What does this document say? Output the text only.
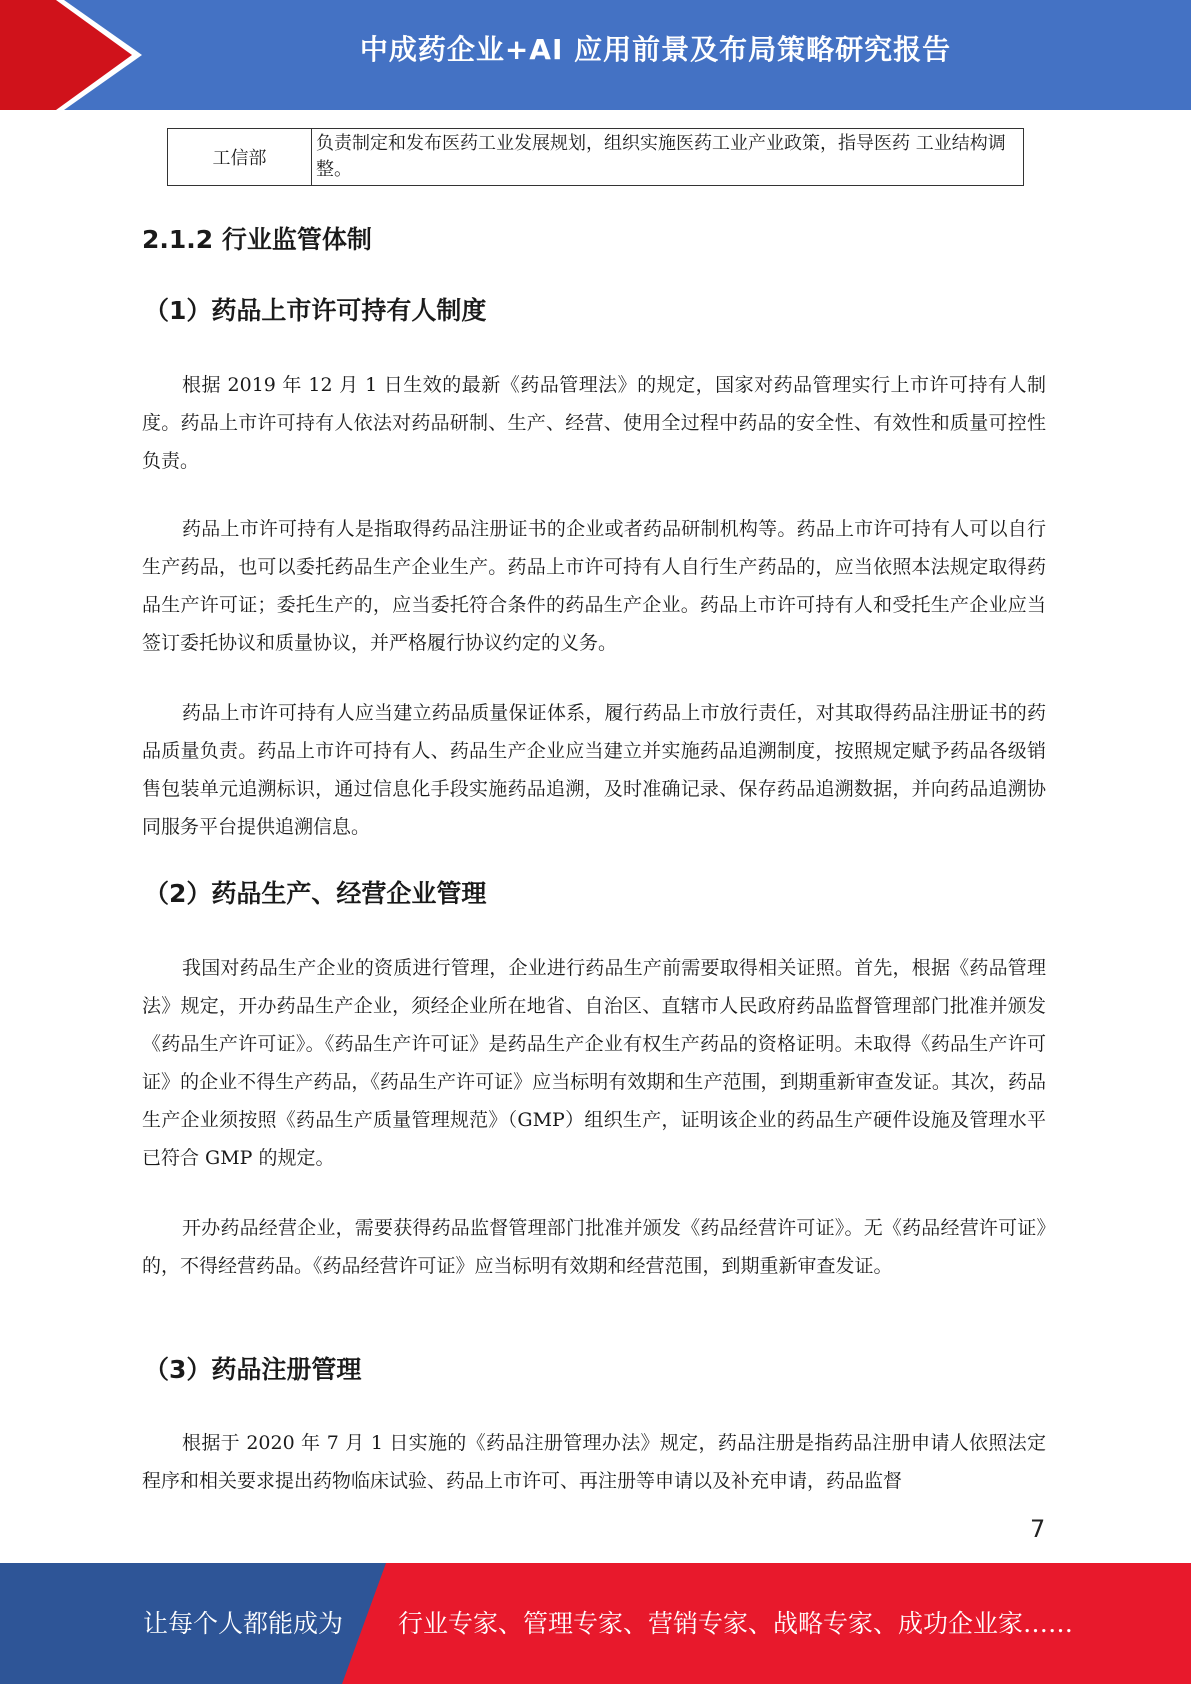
中成药企业+AI 应用前景及布局策略研究报告
工信部
负责制定和发布医药工业发展规划，组织实施医药工业产业政策，指导医药 工业结构调整。
2.1.2 行业监管体制
（1）药品上市许可持有人制度

根据 2019 年 12 月 1 日生效的最新《药品管理法》的规定，国家对药品管理实行上市许可持有人制度。药品上市许可持有人依法对药品研制、生产、经营、使用全过程中药品的安全性、有效性和质量可控性负责。

药品上市许可持有人是指取得药品注册证书的企业或者药品研制机构等。药品上市许可持有人可以自行生产药品，也可以委托药品生产企业生产。药品上市许可持有人自行生产药品的，应当依照本法规定取得药品生产许可证；委托生产的，应当委托符合条件的药品生产企业。药品上市许可持有人和受托生产企业应当签订委托协议和质量协议，并严格履行协议约定的义务。

药品上市许可持有人应当建立药品质量保证体系，履行药品上市放行责任，对其取得药品注册证书的药品质量负责。药品上市许可持有人、药品生产企业应当建立并实施药品追溯制度，按照规定赋予药品各级销售包装单元追溯标识，通过信息化手段实施药品追溯，及时准确记录、保存药品追溯数据，并向药品追溯协同服务平台提供追溯信息。

（2）药品生产、经营企业管理

我国对药品生产企业的资质进行管理，企业进行药品生产前需要取得相关证照。首先，根据《药品管理法》规定，开办药品生产企业，须经企业所在地省、自治区、直辖市人民政府药品监督管理部门批准并颁发《药品生产许可证》。《药品生产许可证》是药品生产企业有权生产药品的资格证明。未取得《药品生产许可证》的企业不得生产药品，《药品生产许可证》应当标明有效期和生产范围，到期重新审查发证。其次，药品生产企业须按照《药品生产质量管理规范》（GMP）组织生产，证明该企业的药品生产硬件设施及管理水平已符合 GMP 的规定。

开办药品经营企业，需要获得药品监督管理部门批准并颁发《药品经营许可证》。无《药品经营许可证》的，不得经营药品。《药品经营许可证》应当标明有效期和经营范围，到期重新审查发证。

（3）药品注册管理

根据于 2020 年 7 月 1 日实施的《药品注册管理办法》规定，药品注册是指药品注册申请人依照法定程序和相关要求提出药物临床试验、药品上市许可、再注册等申请以及补充申请，药品监督

7
让每个人都能成为 行业专家、管理专家、营销专家、战略专家、成功企业家……
